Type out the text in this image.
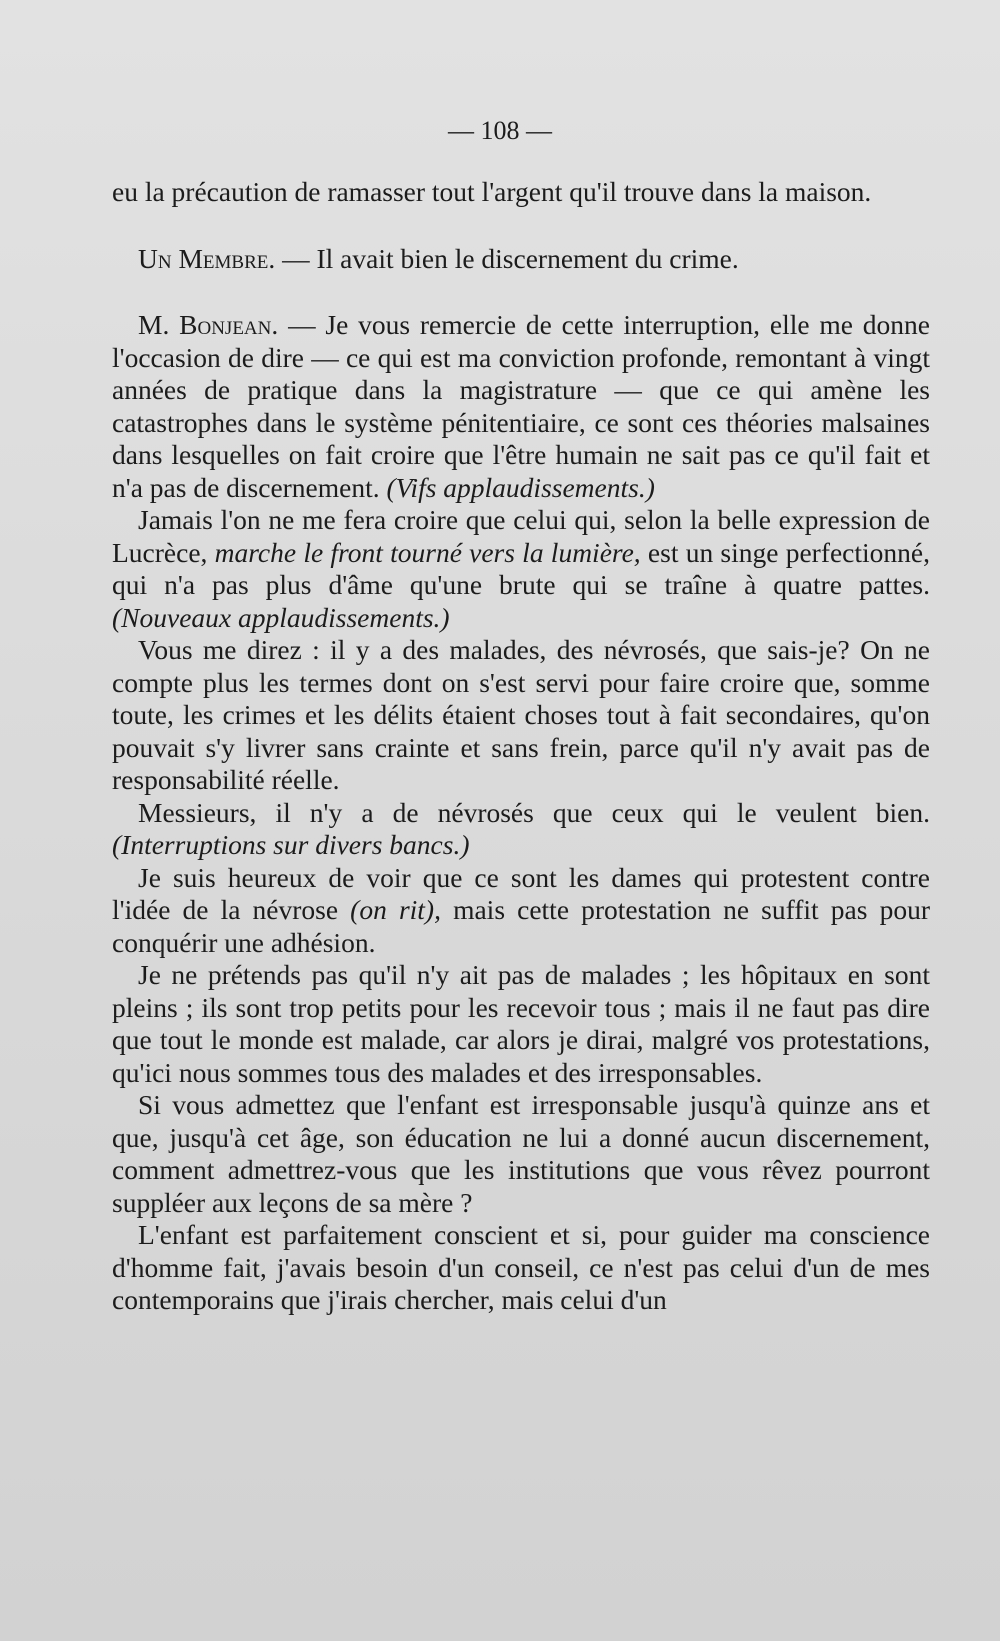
— 108 —

eu la précaution de ramasser tout l'argent qu'il trouve dans la maison.

Un Membre. — Il avait bien le discernement du crime.

M. Bonjean. — Je vous remercie de cette interruption, elle me donne l'occasion de dire — ce qui est ma conviction profonde, remontant à vingt années de pratique dans la magistrature — que ce qui amène les catastrophes dans le système pénitentiaire, ce sont ces théories malsaines dans lesquelles on fait croire que l'être humain ne sait pas ce qu'il fait et n'a pas de discernement. (Vifs applaudissements.)

Jamais l'on ne me fera croire que celui qui, selon la belle expression de Lucrèce, marche le front tourné vers la lumière, est un singe perfectionné, qui n'a pas plus d'âme qu'une brute qui se traîne à quatre pattes. (Nouveaux applaudissements.)

Vous me direz : il y a des malades, des névrosés, que sais-je? On ne compte plus les termes dont on s'est servi pour faire croire que, somme toute, les crimes et les délits étaient choses tout à fait secondaires, qu'on pouvait s'y livrer sans crainte et sans frein, parce qu'il n'y avait pas de responsabilité réelle.

Messieurs, il n'y a de névrosés que ceux qui le veulent bien. (Interruptions sur divers bancs.)

Je suis heureux de voir que ce sont les dames qui protestent contre l'idée de la névrose (on rit), mais cette protestation ne suffit pas pour conquérir une adhésion.

Je ne prétends pas qu'il n'y ait pas de malades ; les hôpitaux en sont pleins ; ils sont trop petits pour les recevoir tous ; mais il ne faut pas dire que tout le monde est malade, car alors je dirai, malgré vos protestations, qu'ici nous sommes tous des malades et des irresponsables.

Si vous admettez que l'enfant est irresponsable jusqu'à quinze ans et que, jusqu'à cet âge, son éducation ne lui a donné aucun discernement, comment admettrez-vous que les institutions que vous rêvez pourront suppléer aux leçons de sa mère ?

L'enfant est parfaitement conscient et si, pour guider ma conscience d'homme fait, j'avais besoin d'un conseil, ce n'est pas celui d'un de mes contemporains que j'irais chercher, mais celui d'un
